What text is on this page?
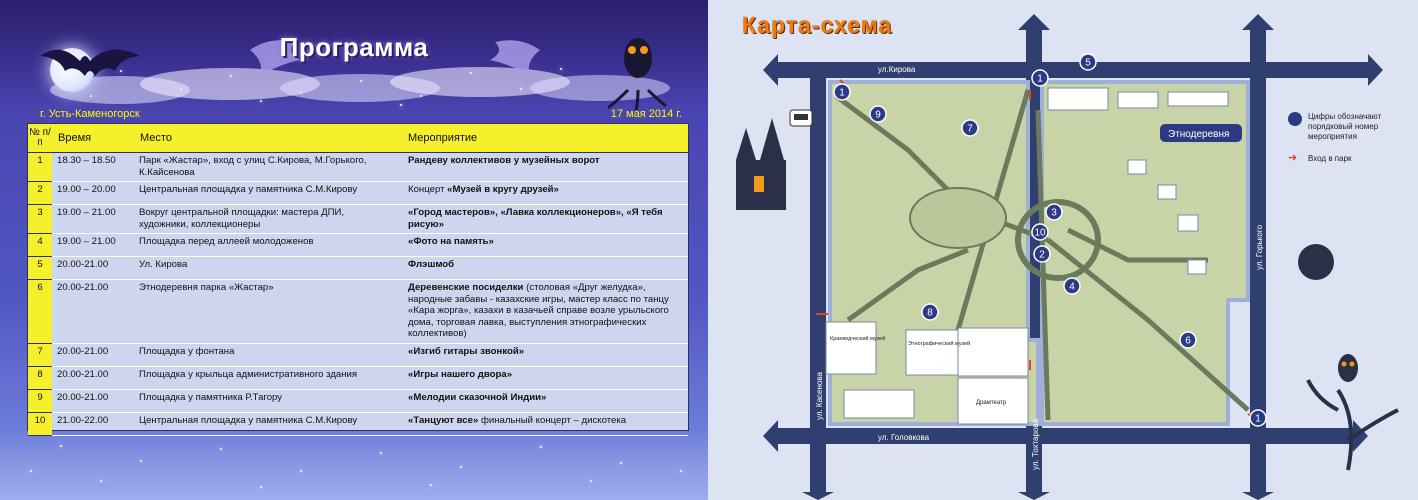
Программа
г. Усть-Каменогорск	17 мая 2014 г.
№ п/п	Время	Место	Мероприятие
1	18.30 – 18.50	Парк «Жастар», вход с улиц С.Кирова, М.Горького, К.Кайсенова	Рандеву коллективов у музейных ворот
2	19.00 – 20.00	Центральная площадка у памятника С.М.Кирову	Концерт «Музей в кругу друзей»
3	19.00 – 21.00	Вокруг центральной площадки: мастера ДПИ, художники, коллекционеры	«Город мастеров», «Лавка коллекционеров», «Я тебя рисую»
4	19.00 – 21.00	Площадка перед аллеей молодоженов	«Фото на память»
5	20.00-21.00	Ул. Кирова	Флэшмоб
6	20.00-21.00	Этнодеревня парка «Жастар»	Деревенские посиделки (столовая «Друг желудка», народные забавы - казахские игры, мастер класс по танцу «Кара жорга», казахи в казачьей справе возле урыльского дома, торговая лавка, выступления этнографических коллективов)
7	20.00-21.00	Площадка у фонтана	«Изгиб гитары звонкой»
8	20.00-21.00	Площадка у крыльца административного здания	«Игры нашего двора»
9	20.00-21.00	Площадка у памятника Р.Тагору	«Мелодии сказочной Индии»
10	21.00-22.00	Центральная площадка у памятника С.М.Кирову	«Танцуют все» финальный концерт – дискотека
Карта-схема
ул.Кирова
ул. Касенова
ул. Головкова	ул. Тохтарова
ул. Горького
Краеведческий музей
Этнографический музей
Драмтеатр
Этнодеревня
1
1
1
2
3
4
5
6
7
8
9
10
Цифры обозначают порядковый номер мероприятия
➜	Вход в парк
